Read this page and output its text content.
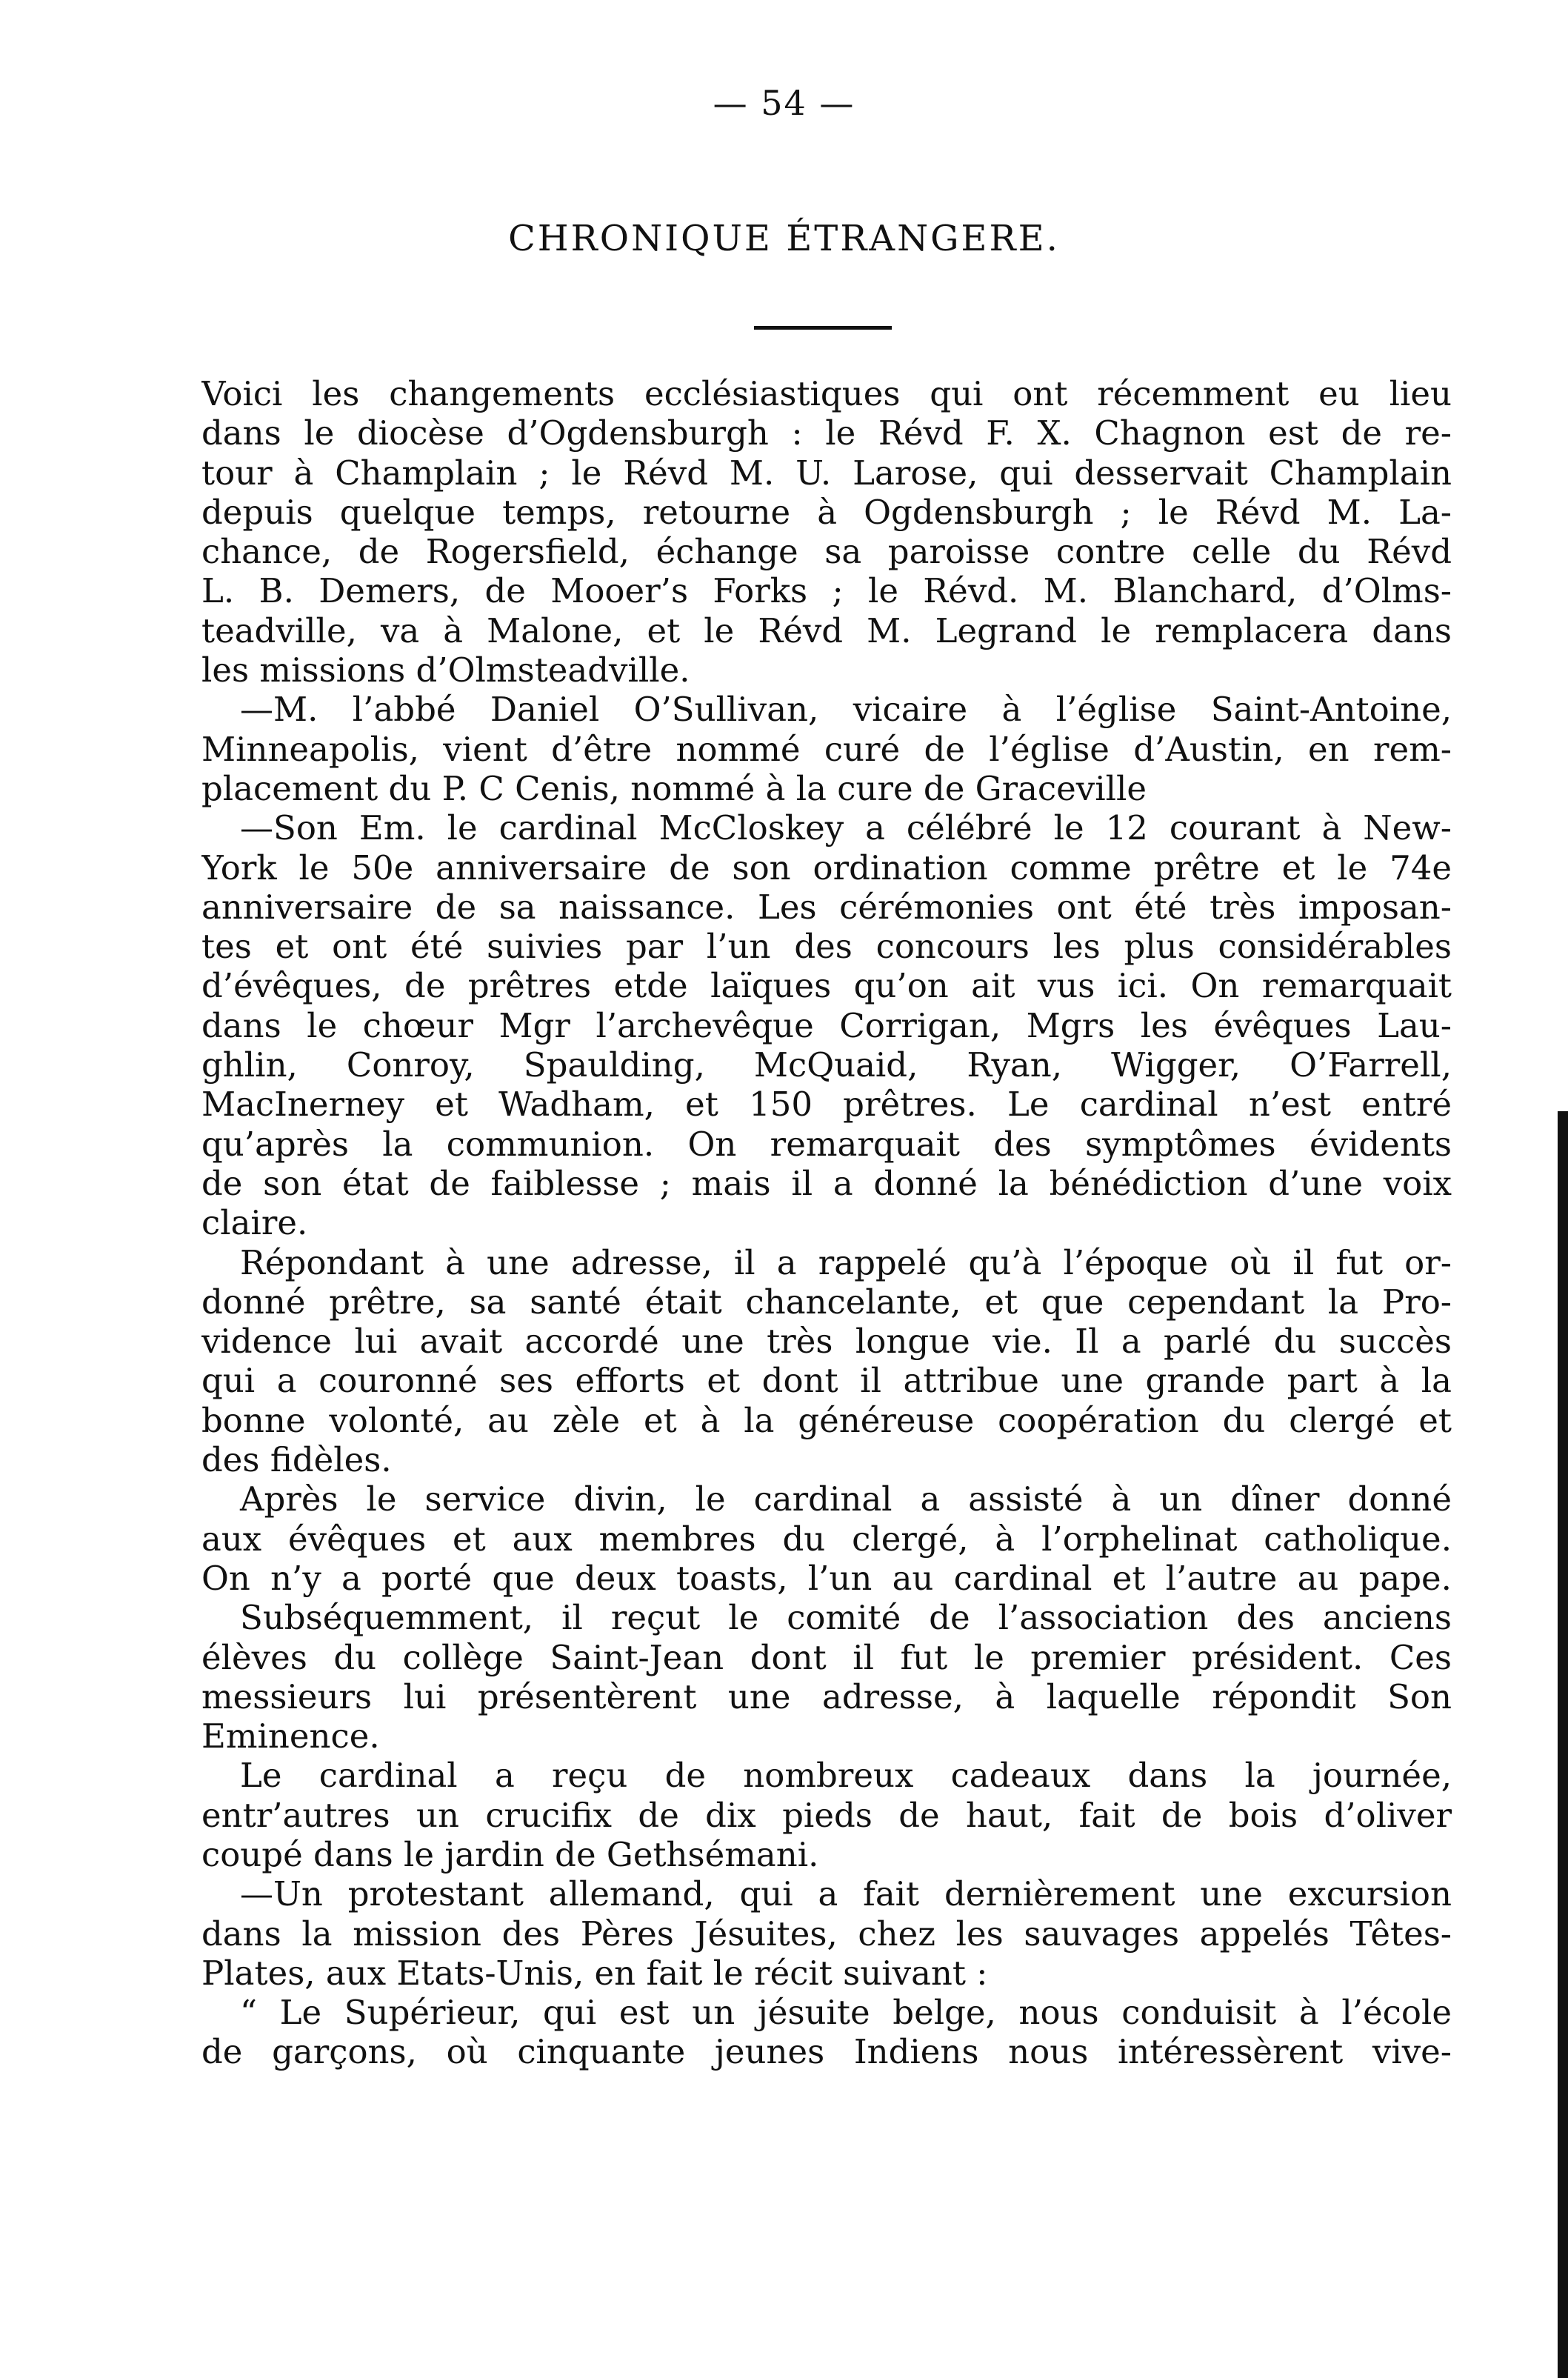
— 54 —
CHRONIQUE ÉTRANGERE.
Voici les changements ecclésiastiques qui ont récemment eu lieu
dans le diocèse d’Ogdensburgh : le Révd F. X. Chagnon est de re-
tour à Champlain ; le Révd M. U. Larose, qui desservait Champlain
depuis quelque temps, retourne à Ogdensburgh ; le Révd M. La-
chance, de Rogersfield, échange sa paroisse contre celle du Révd
L. B. Demers, de Mooer’s Forks ; le Révd. M. Blanchard, d’Olms-
teadville, va à Malone, et le Révd M. Legrand le remplacera dans
les missions d’Olmsteadville.
—M. l’abbé Daniel O’Sullivan, vicaire à l’église Saint-Antoine,
Minneapolis, vient d’être nommé curé de l’église d’Austin, en rem-
placement du P. C Cenis, nommé à la cure de Graceville
—Son Em. le cardinal McCloskey a célébré le 12 courant à New-
York le 50e anniversaire de son ordination comme prêtre et le 74e
anniversaire de sa naissance. Les cérémonies ont été très imposan-
tes et ont été suivies par l’un des concours les plus considérables
d’évêques, de prêtres etde laïques qu’on ait vus ici. On remarquait
dans le chœur Mgr l’archevêque Corrigan, Mgrs les évêques Lau-
ghlin, Conroy, Spaulding, McQuaid, Ryan, Wigger, O’Farrell,
MacInerney et Wadham, et 150 prêtres. Le cardinal n’est entré
qu’après la communion. On remarquait des symptômes évidents
de son état de faiblesse ; mais il a donné la bénédiction d’une voix
claire.
Répondant à une adresse, il a rappelé qu’à l’époque où il fut or-
donné prêtre, sa santé était chancelante, et que cependant la Pro-
vidence lui avait accordé une très longue vie. Il a parlé du succès
qui a couronné ses efforts et dont il attribue une grande part à la
bonne volonté, au zèle et à la généreuse coopération du clergé et
des fidèles.
Après le service divin, le cardinal a assisté à un dîner donné
aux évêques et aux membres du clergé, à l’orphelinat catholique.
On n’y a porté que deux toasts, l’un au cardinal et l’autre au pape.
Subséquemment, il reçut le comité de l’association des anciens
élèves du collège Saint-Jean dont il fut le premier président. Ces
messieurs lui présentèrent une adresse, à laquelle répondit Son
Eminence.
Le cardinal a reçu de nombreux cadeaux dans la journée,
entr’autres un crucifix de dix pieds de haut, fait de bois d’oliver
coupé dans le jardin de Gethsémani.
—Un protestant allemand, qui a fait dernièrement une excursion
dans la mission des Pères Jésuites, chez les sauvages appelés Têtes-
Plates, aux Etats-Unis, en fait le récit suivant :
“ Le Supérieur, qui est un jésuite belge, nous conduisit à l’école
de garçons, où cinquante jeunes Indiens nous intéressèrent vive-
